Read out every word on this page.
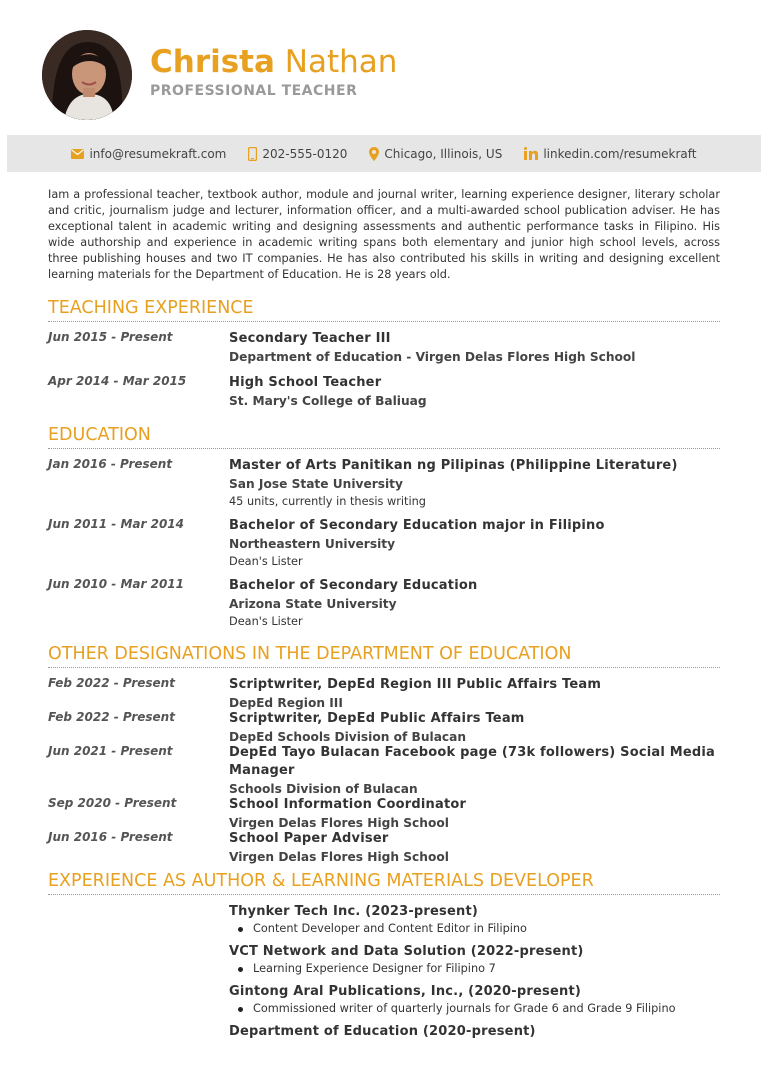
Christa Nathan
PROFESSIONAL TEACHER
info@resumekraft.com	202-555-0120	Chicago, Illinois, US	linkedin.com/resumekraft
Iam a professional teacher, textbook author, module and journal writer, learning experience designer, literary scholar and critic, journalism judge and lecturer, information officer, and a multi-awarded school publication adviser. He has exceptional talent in academic writing and designing assessments and authentic performance tasks in Filipino. His wide authorship and experience in academic writing spans both elementary and junior high school levels, across three publishing houses and two IT companies. He has also contributed his skills in writing and designing excellent learning materials for the Department of Education. He is 28 years old.
TEACHING EXPERIENCE
Jun 2015 - Present	Secondary Teacher III
Department of Education - Virgen Delas Flores High School
Apr 2014 - Mar 2015	High School Teacher
St. Mary's College of Baliuag
EDUCATION
Jan 2016 - Present	Master of Arts Panitikan ng Pilipinas (Philippine Literature)
San Jose State University
45 units, currently in thesis writing
Jun 2011 - Mar 2014	Bachelor of Secondary Education major in Filipino
Northeastern University
Dean's Lister
Jun 2010 - Mar 2011	Bachelor of Secondary Education
Arizona State University
Dean's Lister
OTHER DESIGNATIONS IN THE DEPARTMENT OF EDUCATION
Feb 2022 - Present	Scriptwriter, DepEd Region III Public Affairs Team
DepEd Region III
Feb 2022 - Present	Scriptwriter, DepEd Public Affairs Team
DepEd Schools Division of Bulacan
Jun 2021 - Present	DepEd Tayo Bulacan Facebook page (73k followers) Social Media Manager
Schools Division of Bulacan
Sep 2020 - Present	School Information Coordinator
Virgen Delas Flores High School
Jun 2016 - Present	School Paper Adviser
Virgen Delas Flores High School
EXPERIENCE AS AUTHOR & LEARNING MATERIALS DEVELOPER
Thynker Tech Inc. (2023-present)
Content Developer and Content Editor in Filipino
VCT Network and Data Solution (2022-present)
Learning Experience Designer for Filipino 7
Gintong Aral Publications, Inc., (2020-present)
Commissioned writer of quarterly journals for Grade 6 and Grade 9 Filipino
Department of Education (2020-present)
